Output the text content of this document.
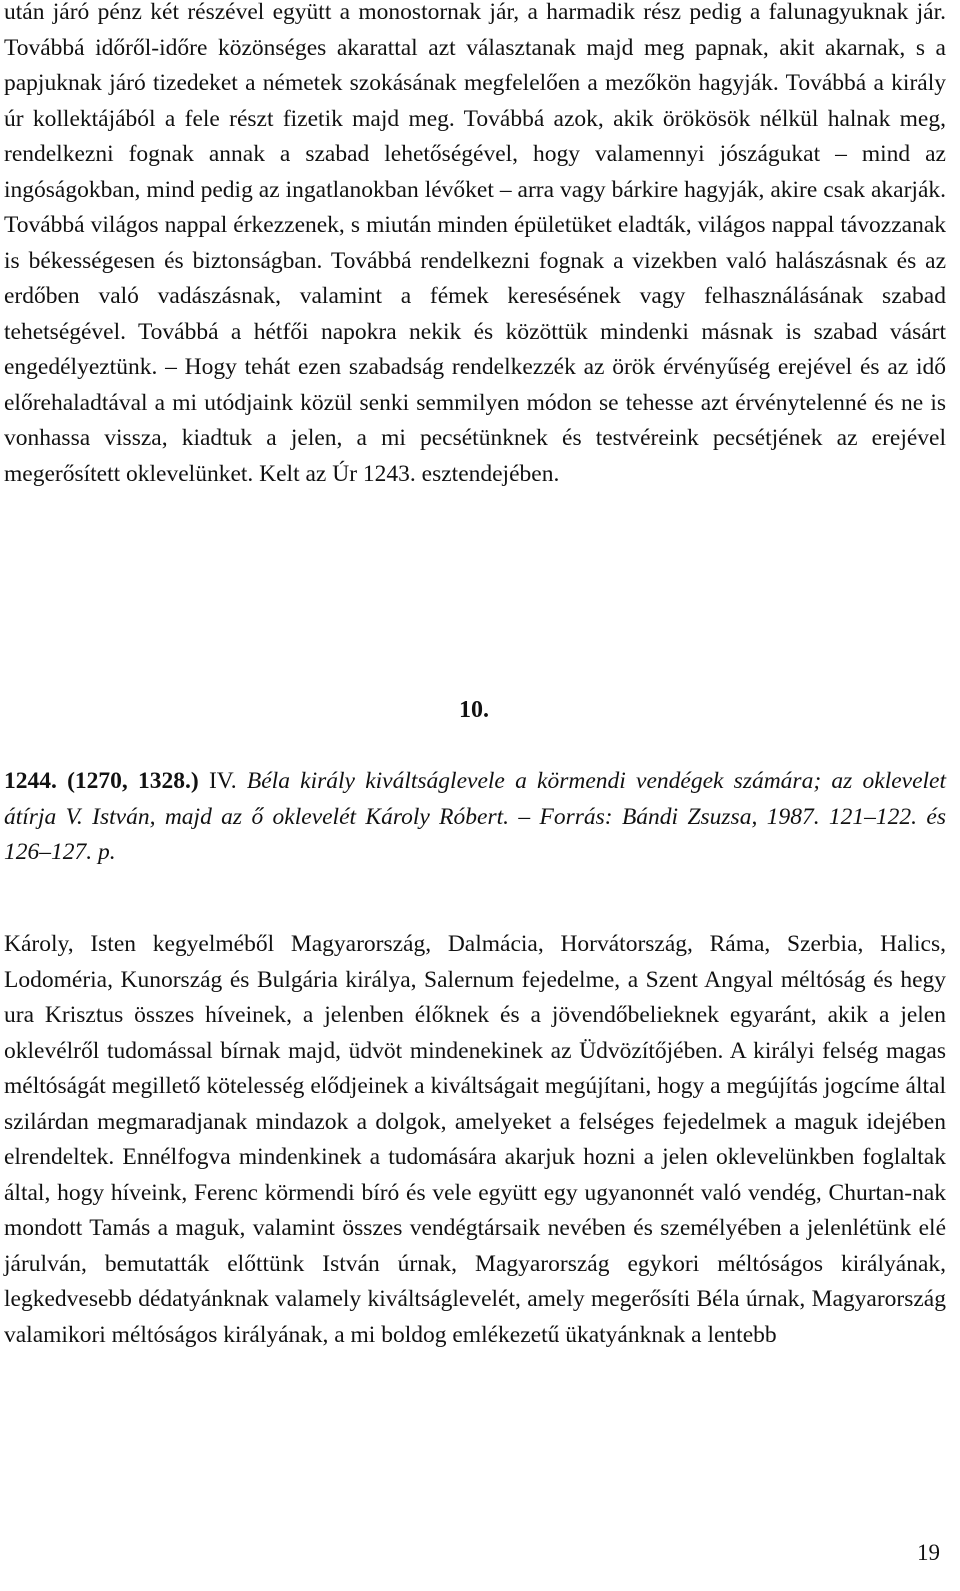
után járó pénz két részével együtt a monostornak jár, a harmadik rész pedig a falunagyuknak jár. Továbbá időről-időre közönséges akarattal azt választanak majd meg papnak, akit akarnak, s a papjuknak járó tizedeket a németek szokásának megfelelően a mezőkön hagyják. Továbbá a király úr kollektájából a fele részt fizetik majd meg. Továbbá azok, akik örökösök nélkül halnak meg, rendelkezni fognak annak a szabad lehetőségével, hogy valamennyi jószágukat – mind az ingóságokban, mind pedig az ingatlanokban lévőket – arra vagy bárkire hagyják, akire csak akarják. Továbbá világos nappal érkezzenek, s miután minden épületüket eladták, világos nappal távozzanak is békességesen és biztonságban. Továbbá rendelkezni fognak a vizekben való halászásnak és az erdőben való vadászásnak, valamint a fémek keresésének vagy felhasználásának szabad tehetségével. Továbbá a hétfői napokra nekik és közöttük mindenki másnak is szabad vásárt engedélyeztünk. – Hogy tehát ezen szabadság rendelkezzék az örök érvényűség erejével és az idő előrehaladtával a mi utódjaink közül senki semmilyen módon se tehesse azt érvénytelenné és ne is vonhassa vissza, kiadtuk a jelen, a mi pecsétünknek és testvéreink pecsétjének az erejével megerősített oklevelünket. Kelt az Úr 1243. esztendejében.

10.

1244. (1270, 1328.) IV. Béla király kiváltságlevele a körmendi vendégek számára; az oklevelet átírja V. István, majd az ő oklevelét Károly Róbert. – Forrás: Bándi Zsuzsa, 1987. 121–122. és 126–127. p.

Károly, Isten kegyelméből Magyarország, Dalmácia, Horvátország, Ráma, Szerbia, Halics, Lodoméria, Kunország és Bulgária királya, Salernum fejedelme, a Szent Angyal méltóság és hegy ura Krisztus összes híveinek, a jelenben élőknek és a jövendőbelieknek egyaránt, akik a jelen oklevélről tudomással bírnak majd, üdvöt mindenekinek az Üdvözítőjében. A királyi felség magas méltóságát megillető kötelesség elődjeinek a kiváltságait megújítani, hogy a megújítás jogcíme által szilárdan megmaradjanak mindazok a dolgok, amelyeket a felséges fejedelmek a maguk idejében elrendeltek. Ennélfogva mindenkinek a tudomására akarjuk hozni a jelen oklevelünkben foglaltak által, hogy híveink, Ferenc körmendi bíró és vele együtt egy ugyanonnét való vendég, Churtan-nak mondott Tamás a maguk, valamint összes vendégtársaik nevében és személyében a jelenlétünk elé járulván, bemutatták előttünk István úrnak, Magyarország egykori méltóságos királyának, legkedvesebb dédatyánknak valamely kiváltságlevelét, amely megerősíti Béla úrnak, Magyarország valamikori méltóságos királyának, a mi boldog emlékezetű ükatyánknak a lentebb

19
